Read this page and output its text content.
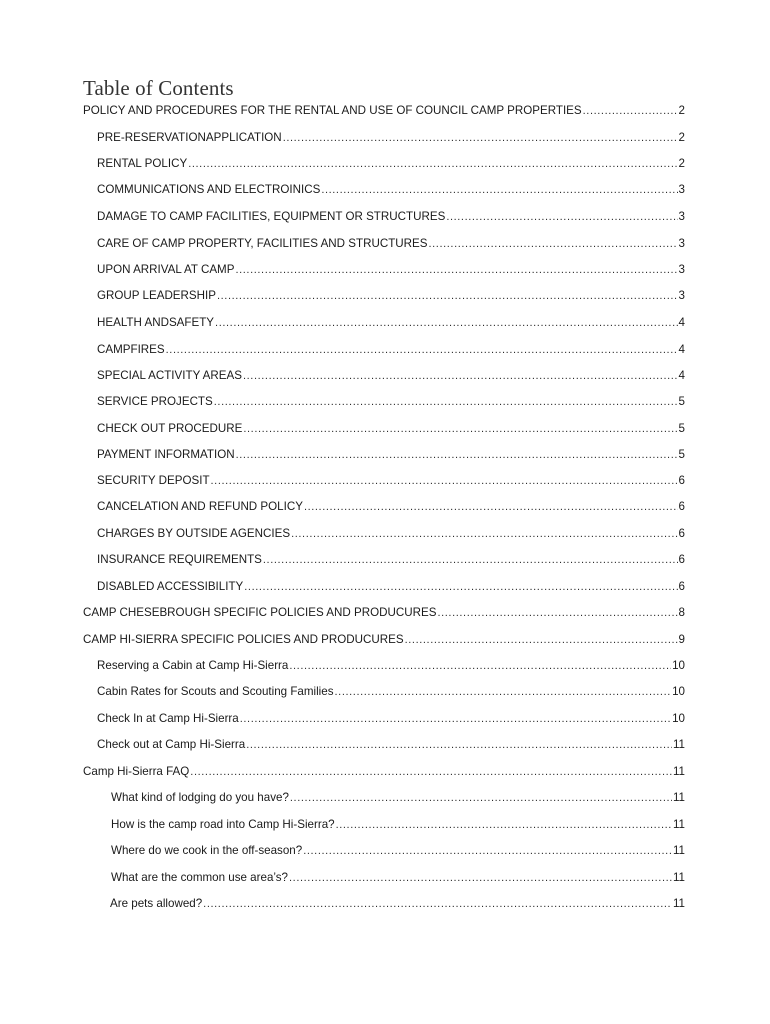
Table of Contents
POLICY AND PROCEDURES FOR THE RENTAL AND USE OF COUNCIL CAMP PROPERTIES .....	2
PRE-RESERVATIONAPPLICATION .....	2
RENTAL POLICY .....	2
COMMUNICATIONS AND ELECTROINICS .....	3
DAMAGE TO CAMP FACILITIES, EQUIPMENT OR STRUCTURES .....	3
CARE OF CAMP PROPERTY, FACILITIES AND STRUCTURES .....	3
UPON ARRIVAL AT CAMP .....	3
GROUP LEADERSHIP .....	3
HEALTH ANDSAFETY .....	4
CAMPFIRES .....	4
SPECIAL ACTIVITY AREAS .....	4
SERVICE PROJECTS .....	5
CHECK OUT PROCEDURE .....	5
PAYMENT INFORMATION .....	5
SECURITY DEPOSIT .....	6
CANCELATION AND REFUND POLICY .....	6
CHARGES BY OUTSIDE AGENCIES .....	6
INSURANCE REQUIREMENTS .....	6
DISABLED ACCESSIBILITY .....	6
CAMP CHESEBROUGH SPECIFIC POLICIES AND PRODUCURES .....	8
CAMP HI-SIERRA SPECIFIC POLICIES AND PRODUCURES .....	9
Reserving a Cabin at Camp Hi-Sierra .....	10
Cabin Rates for Scouts and Scouting Families .....	10
Check In at Camp Hi-Sierra .....	10
Check out at Camp Hi-Sierra .....	11
Camp Hi-Sierra FAQ .....	11
What kind of lodging do you have? .....	11
How is the camp road into Camp Hi-Sierra? .....	11
Where do we cook in the off-season? .....	11
What are the common use area’s? .....	11
Are pets allowed? .....	11
